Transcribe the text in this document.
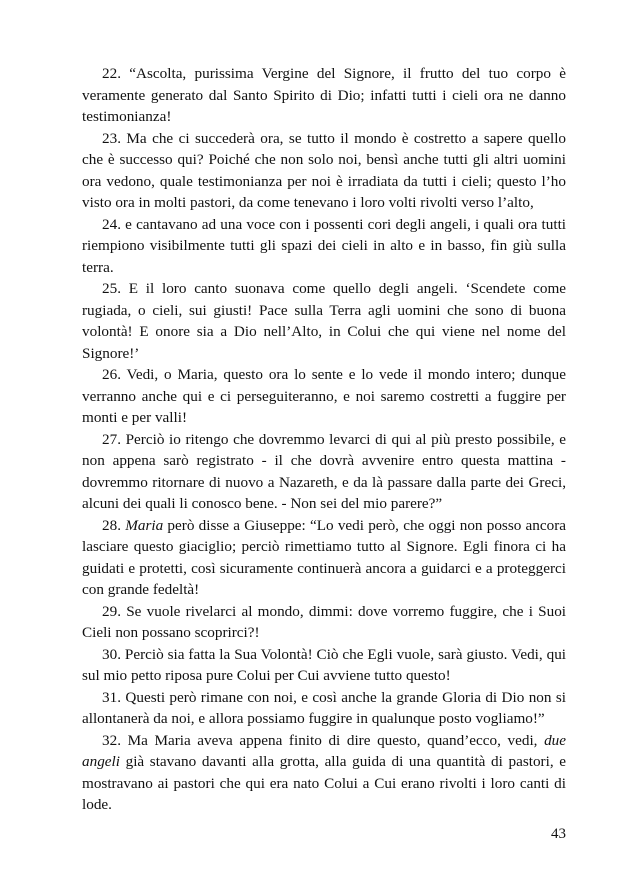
22. “Ascolta, purissima Vergine del Signore, il frutto del tuo corpo è veramente generato dal Santo Spirito di Dio; infatti tutti i cieli ora ne danno testimonianza!

23. Ma che ci succederà ora, se tutto il mondo è costretto a sapere quello che è successo qui? Poiché che non solo noi, bensì anche tutti gli altri uomini ora vedono, quale testimonianza per noi è irradiata da tutti i cieli; questo l’ho visto ora in molti pastori, da come tenevano i loro volti rivolti verso l’alto,

24. e cantavano ad una voce con i possenti cori degli angeli, i quali ora tutti riempiono visibilmente tutti gli spazi dei cieli in alto e in basso, fin giù sulla terra.

25. E il loro canto suonava come quello degli angeli. ‘Scendete come rugiada, o cieli, sui giusti! Pace sulla Terra agli uomini che sono di buona volontà! E onore sia a Dio nell’Alto, in Colui che qui viene nel nome del Signore!’

26. Vedi, o Maria, questo ora lo sente e lo vede il mondo intero; dunque verranno anche qui e ci perseguiteranno, e noi saremo costretti a fuggire per monti e per valli!

27. Perciò io ritengo che dovremmo levarci di qui al più presto possibile, e non appena sarò registrato - il che dovrà avvenire entro questa mattina - dovremmo ritornare di nuovo a Nazareth, e da là passare dalla parte dei Greci, alcuni dei quali li conosco bene. - Non sei del mio parere?”

28. Maria però disse a Giuseppe: “Lo vedi però, che oggi non posso ancora lasciare questo giaciglio; perciò rimettiamo tutto al Signore. Egli finora ci ha guidati e protetti, così sicuramente continuerà ancora a guidarci e a proteggerci con grande fedeltà!

29. Se vuole rivelarci al mondo, dimmi: dove vorremo fuggire, che i Suoi Cieli non possano scoprirci?!

30. Perciò sia fatta la Sua Volontà! Ciò che Egli vuole, sarà giusto. Vedi, qui sul mio petto riposa pure Colui per Cui avviene tutto questo!

31. Questi però rimane con noi, e così anche la grande Gloria di Dio non si allontanerà da noi, e allora possiamo fuggire in qualunque posto vogliamo!”

32. Ma Maria aveva appena finito di dire questo, quand’ecco, vedi, due angeli già stavano davanti alla grotta, alla guida di una quantità di pastori, e mostravano ai pastori che qui era nato Colui a Cui erano rivolti i loro canti di lode.

43
